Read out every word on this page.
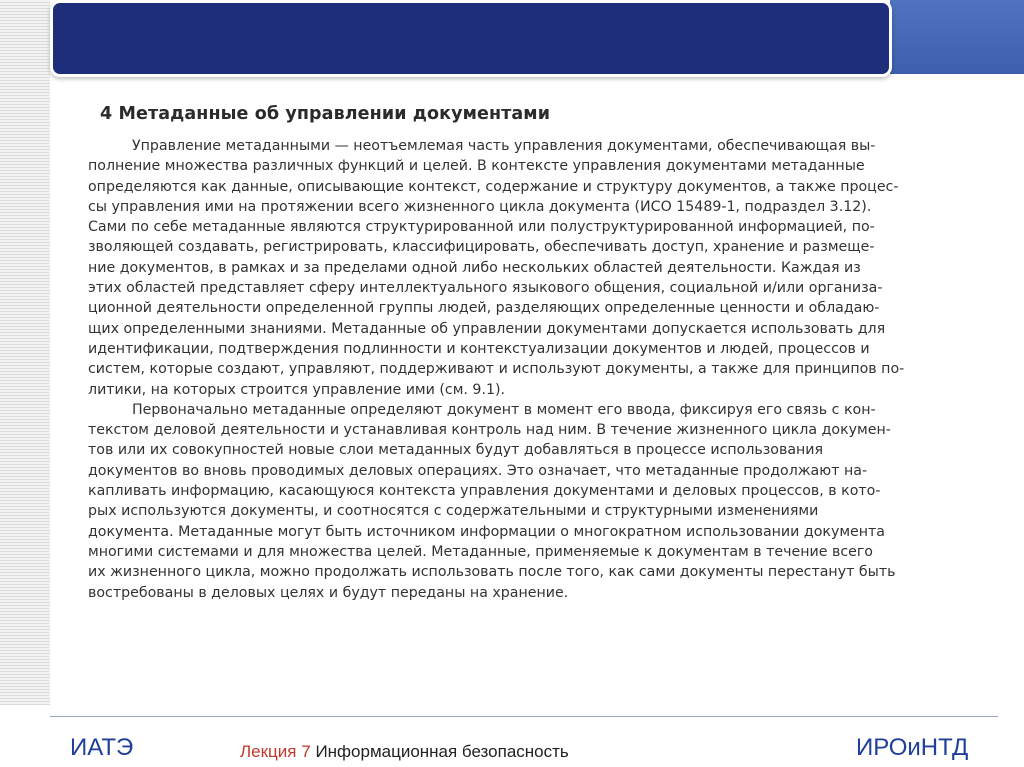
4 Метаданные об управлении документами
Управление метаданными — неотъемлемая часть управления документами, обеспечивающая вы-
полнение множества различных функций и целей. В контексте управления документами метаданные
определяются как данные, описывающие контекст, содержание и структуру документов, а также процес-
сы управления ими на протяжении всего жизненного цикла документа (ИСО 15489-1, подраздел 3.12).
Сами по себе метаданные являются структурированной или полуструктурированной информацией, по-
зволяющей создавать, регистрировать, классифицировать, обеспечивать доступ, хранение и размеще-
ние документов, в рамках и за пределами одной либо нескольких областей деятельности. Каждая из
этих областей представляет сферу интеллектуального языкового общения, социальной и/или организа-
ционной деятельности определенной группы людей, разделяющих определенные ценности и обладаю-
щих определенными знаниями. Метаданные об управлении документами допускается использовать для
идентификации, подтверждения подлинности и контекстуализации документов и людей, процессов и
систем, которые создают, управляют, поддерживают и используют документы, а также для принципов по-
литики, на которых строится управление ими (см. 9.1).
Первоначально метаданные определяют документ в момент его ввода, фиксируя его связь с кон-
текстом деловой деятельности и устанавливая контроль над ним. В течение жизненного цикла докумен-
тов или их совокупностей новые слои метаданных будут добавляться в процессе использования
документов во вновь проводимых деловых операциях. Это означает, что метаданные продолжают на-
капливать информацию, касающуюся контекста управления документами и деловых процессов, в кото-
рых используются документы, и соотносятся с содержательными и структурными изменениями
документа. Метаданные могут быть источником информации о многократном использовании документа
многими системами и для множества целей. Метаданные, применяемые к документам в течение всего
их жизненного цикла, можно продолжать использовать после того, как сами документы перестанут быть
востребованы в деловых целях и будут переданы на хранение.
ИАТЭ	Лекция 7 Информационная безопасность	ИРОиНТД
